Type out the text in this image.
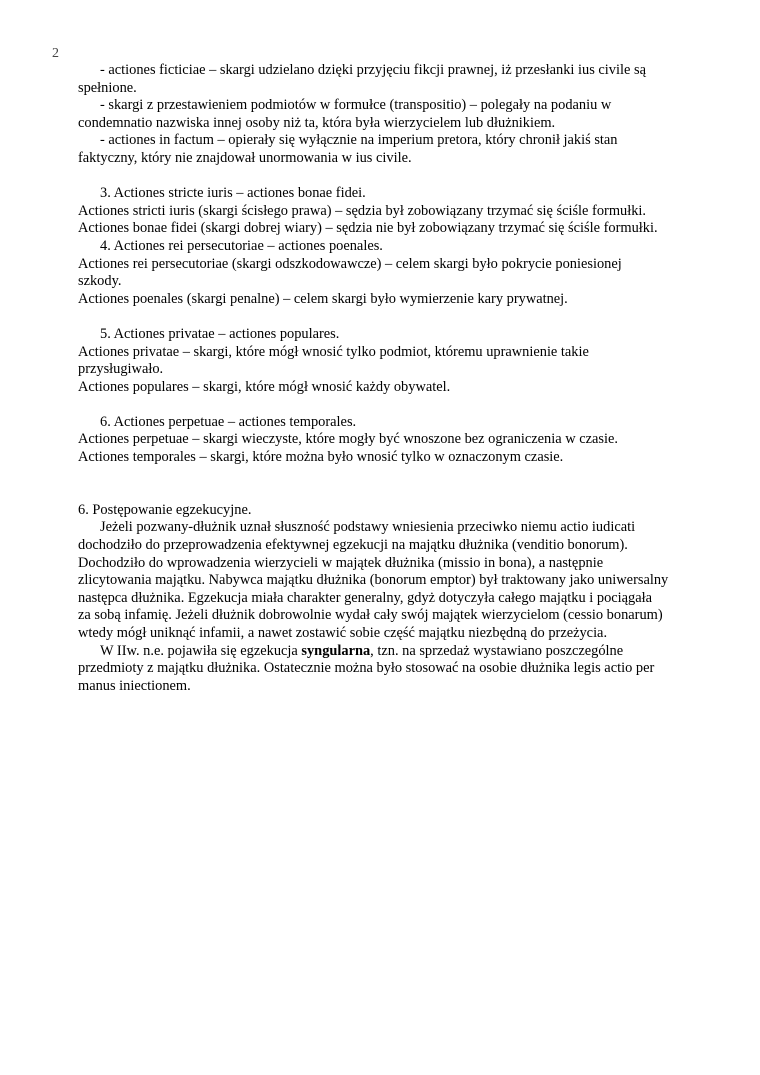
2
- actiones ficticiae – skargi udzielano dzięki przyjęciu fikcji prawnej, iż przesłanki ius civile są
spełnione.
- skargi z przestawieniem podmiotów w formułce (transpositio) – polegały na podaniu w
condemnatio nazwiska innej osoby niż ta, która była wierzycielem lub dłużnikiem.
- actiones in factum – opierały się wyłącznie na imperium pretora, który chronił jakiś stan
faktyczny, który nie znajdował unormowania w ius civile.
3. Actiones stricte iuris – actiones bonae fidei.
Actiones stricti iuris (skargi ścisłego prawa) – sędzia był zobowiązany trzymać się ściśle formułki.
Actiones bonae fidei (skargi dobrej wiary) – sędzia nie był zobowiązany trzymać się ściśle formułki.
4. Actiones rei persecutoriae – actiones poenales.
Actiones rei persecutoriae (skargi odszkodowawcze) – celem skargi było pokrycie poniesionej
szkody.
Actiones poenales (skargi penalne) – celem skargi było wymierzenie kary prywatnej.
5. Actiones privatae – actiones populares.
Actiones privatae – skargi, które mógł wnosić tylko podmiot, któremu uprawnienie takie
przysługiwało.
Actiones populares – skargi, które mógł wnosić każdy obywatel.
6. Actiones perpetuae – actiones temporales.
Actiones perpetuae – skargi wieczyste, które mogły być wnoszone bez ograniczenia w czasie.
Actiones temporales – skargi, które można było wnosić tylko w oznaczonym czasie.
6. Postępowanie egzekucyjne.
Jeżeli pozwany-dłużnik uznał słuszność podstawy wniesienia przeciwko niemu actio iudicati
dochodziło do przeprowadzenia efektywnej egzekucji na majątku dłużnika (venditio bonorum).
Dochodziło do wprowadzenia wierzycieli w majątek dłużnika (missio in bona), a następnie
zlicytowania majątku. Nabywca majątku dłużnika (bonorum emptor) był traktowany jako uniwersalny
następca dłużnika. Egzekucja miała charakter generalny, gdyż dotyczyła całego majątku i pociągała
za sobą infamię. Jeżeli dłużnik dobrowolnie wydał cały swój majątek wierzycielom (cessio bonarum)
wtedy mógł uniknąć infamii, a nawet zostawić sobie część majątku niezbędną do przeżycia.
W IIw. n.e. pojawiła się egzekucja syngularna, tzn. na sprzedaż wystawiano poszczególne
przedmioty z majątku dłużnika. Ostatecznie można było stosować na osobie dłużnika legis actio per
manus iniectionem.
